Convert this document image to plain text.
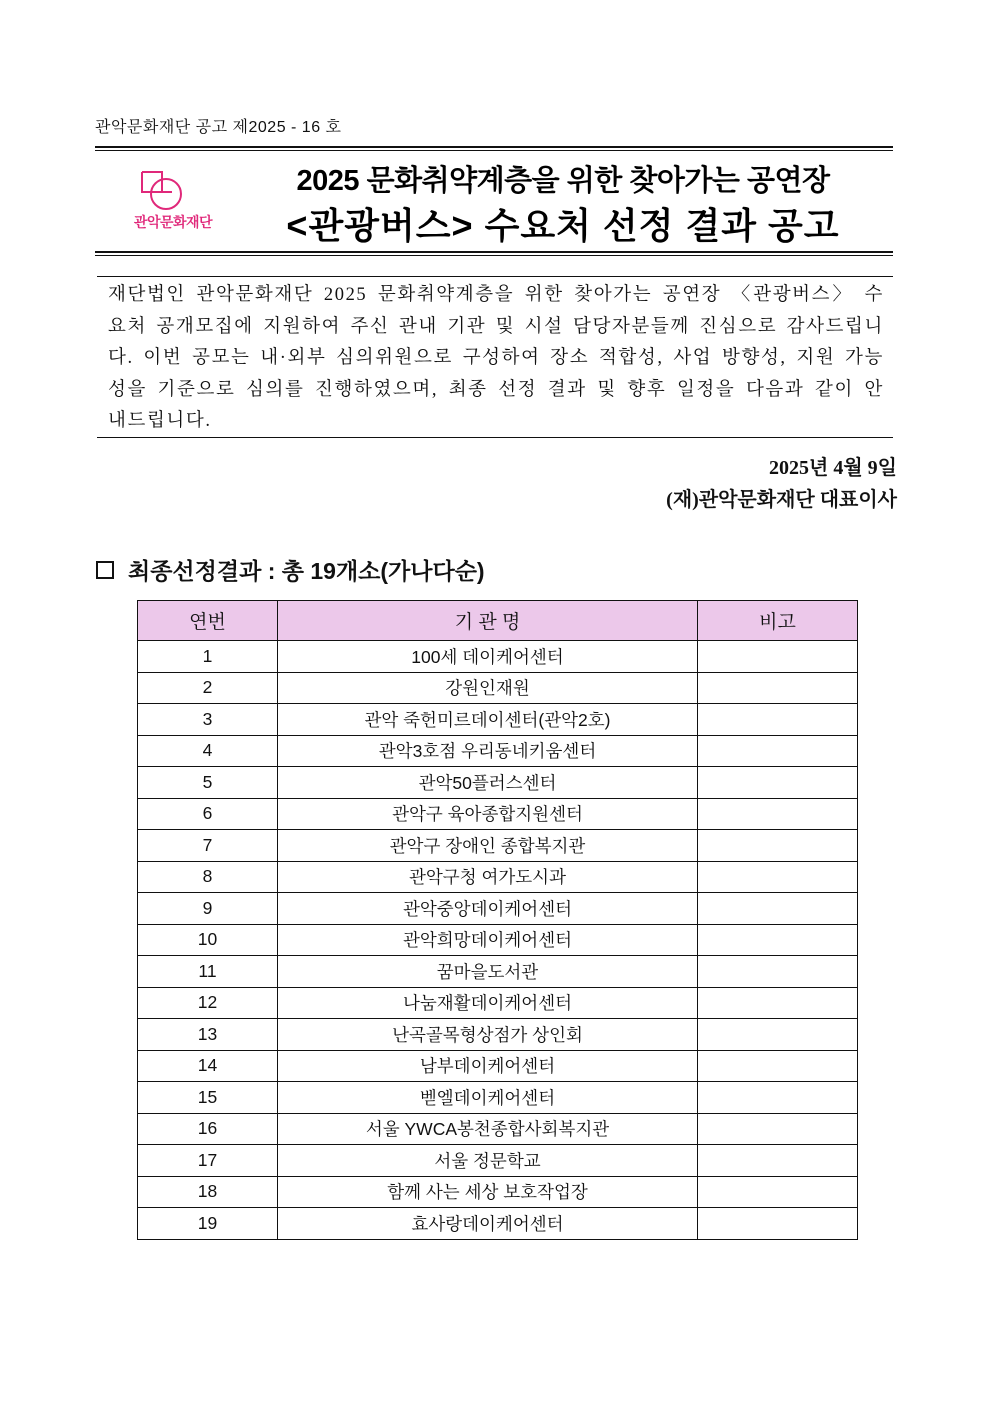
관악문화재단 공고 제2025 - 16 호
관악문화재단
2025 문화취약계층을 위한 찾아가는 공연장
<관광버스> 수요처 선정 결과 공고
재단법인 관악문화재단 2025 문화취약계층을 위한 찾아가는 공연장 〈관광버스〉 수요처 공개모집에 지원하여 주신 관내 기관 및 시설 담당자분들께 진심으로 감사드립니다. 이번 공모는 내·외부 심의위원으로 구성하여 장소 적합성, 사업 방향성, 지원 가능성을 기준으로 심의를 진행하였으며, 최종 선정 결과 및 향후 일정을 다음과 같이 안내드립니다.
2025년 4월 9일
(재)관악문화재단 대표이사
최종선정결과 : 총 19개소(가나다순)
연번	기 관 명	비고
1	100세 데이케어센터	
2	강원인재원	
3	관악 죽헌미르데이센터(관악2호)	
4	관악3호점 우리동네키움센터	
5	관악50플러스센터	
6	관악구 육아종합지원센터	
7	관악구 장애인 종합복지관	
8	관악구청 여가도시과	
9	관악중앙데이케어센터	
10	관악희망데이케어센터	
11	꿈마을도서관	
12	나눔재활데이케어센터	
13	난곡골목형상점가 상인회	
14	남부데이케어센터	
15	벧엘데이케어센터	
16	서울 YWCA봉천종합사회복지관	
17	서울 정문학교	
18	함께 사는 세상 보호작업장	
19	효사랑데이케어센터	
